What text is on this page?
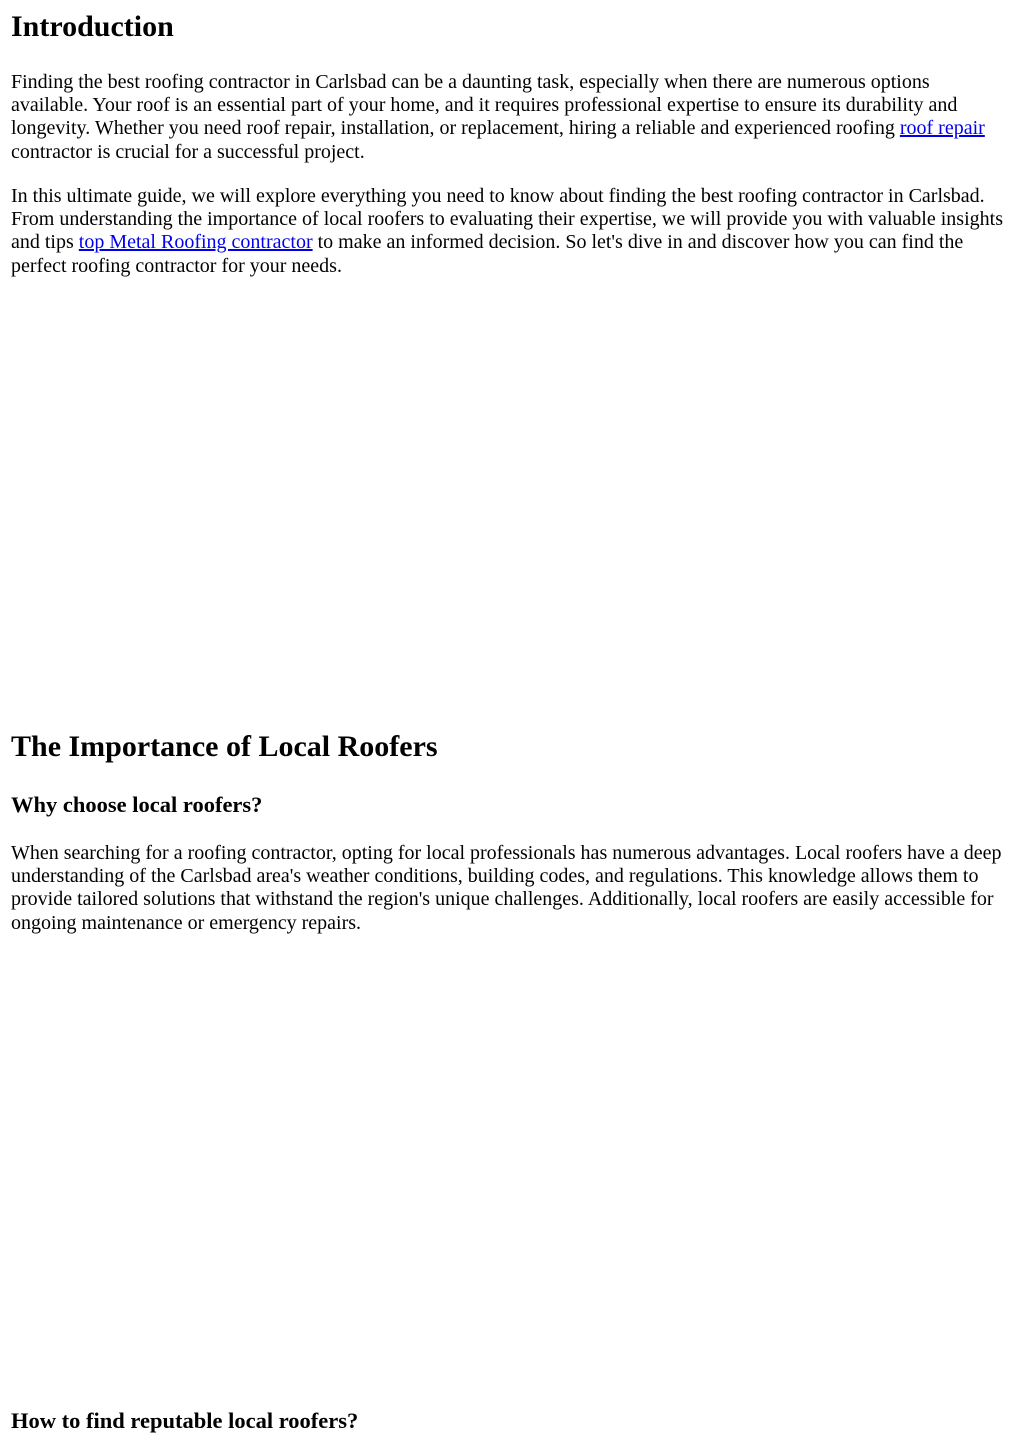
Introduction

Finding the best roofing contractor in Carlsbad can be a daunting task, especially when there are numerous options available. Your roof is an essential part of your home, and it requires professional expertise to ensure its durability and longevity. Whether you need roof repair, installation, or replacement, hiring a reliable and experienced roofing roof repair contractor is crucial for a successful project.

In this ultimate guide, we will explore everything you need to know about finding the best roofing contractor in Carlsbad. From understanding the importance of local roofers to evaluating their expertise, we will provide you with valuable insights and tips top Metal Roofing contractor to make an informed decision. So let's dive in and discover how you can find the perfect roofing contractor for your needs.

The Importance of Local Roofers
Why choose local roofers?

When searching for a roofing contractor, opting for local professionals has numerous advantages. Local roofers have a deep understanding of the Carlsbad area's weather conditions, building codes, and regulations. This knowledge allows them to provide tailored solutions that withstand the region's unique challenges. Additionally, local roofers are easily accessible for ongoing maintenance or emergency repairs.

How to find reputable local roofers?
